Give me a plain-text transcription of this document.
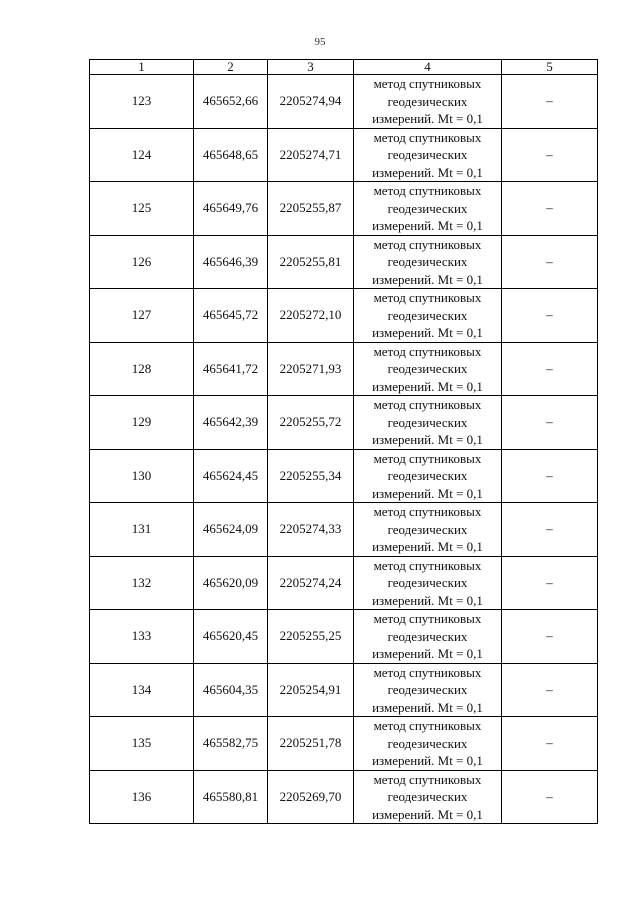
95
1	2	3	4	5
123	465652,66	2205274,94	метод спутниковых
геодезических
измерений. Mt = 0,1	–
124	465648,65	2205274,71	метод спутниковых
геодезических
измерений. Mt = 0,1	–
125	465649,76	2205255,87	метод спутниковых
геодезических
измерений. Mt = 0,1	–
126	465646,39	2205255,81	метод спутниковых
геодезических
измерений. Mt = 0,1	–
127	465645,72	2205272,10	метод спутниковых
геодезических
измерений. Mt = 0,1	–
128	465641,72	2205271,93	метод спутниковых
геодезических
измерений. Mt = 0,1	–
129	465642,39	2205255,72	метод спутниковых
геодезических
измерений. Mt = 0,1	–
130	465624,45	2205255,34	метод спутниковых
геодезических
измерений. Mt = 0,1	–
131	465624,09	2205274,33	метод спутниковых
геодезических
измерений. Mt = 0,1	–
132	465620,09	2205274,24	метод спутниковых
геодезических
измерений. Mt = 0,1	–
133	465620,45	2205255,25	метод спутниковых
геодезических
измерений. Mt = 0,1	–
134	465604,35	2205254,91	метод спутниковых
геодезических
измерений. Mt = 0,1	–
135	465582,75	2205251,78	метод спутниковых
геодезических
измерений. Mt = 0,1	–
136	465580,81	2205269,70	метод спутниковых
геодезических
измерений. Mt = 0,1	–
